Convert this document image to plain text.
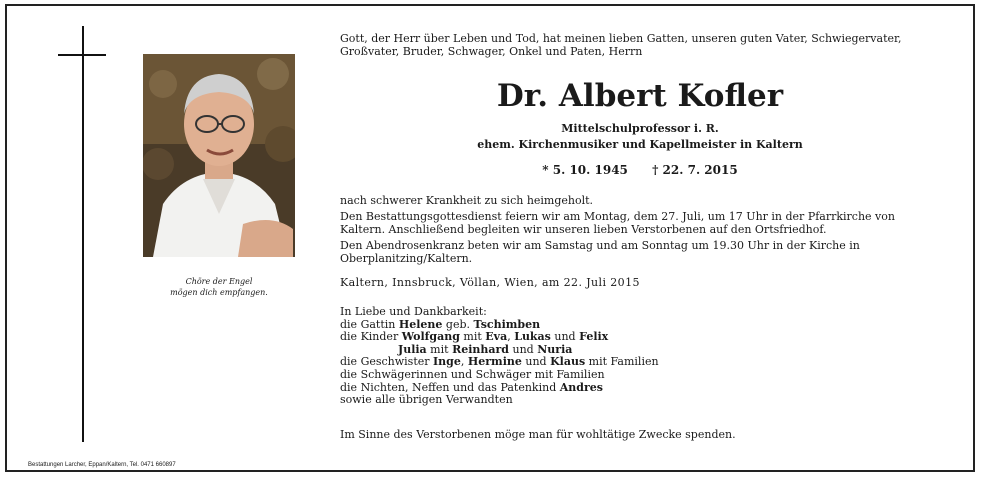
Chöre der Engel
mögen dich empfangen.
Gott, der Herr über Leben und Tod, hat meinen lieben Gatten, unseren guten Vater, Schwiegervater, Großvater, Bruder, Schwager, Onkel und Paten, Herrn
Dr. Albert Kofler
Mittelschulprofessor i. R.
ehem. Kirchenmusiker und Kapellmeister in Kaltern
* 5. 10. 1945 † 22. 7. 2015

nach schwerer Krankheit zu sich heimgeholt.

Den Bestattungsgottesdienst feiern wir am Montag, dem 27. Juli, um 17 Uhr in der Pfarrkirche von Kaltern. Anschließend begleiten wir unseren lieben Verstorbenen auf den Ortsfriedhof.

Den Abendrosenkranz beten wir am Samstag und am Sonntag um 19.30 Uhr in der Kirche in Oberplanitzing/Kaltern.

Kaltern, Innsbruck, Völlan, Wien, am 22. Juli 2015
In Liebe und Dankbarkeit:
die Gattin Helene geb. Tschimben
die Kinder Wolfgang mit Eva, Lukas und Felix
Julia mit Reinhard und Nuria
die Geschwister Inge, Hermine und Klaus mit Familien
die Schwägerinnen und Schwäger mit Familien
die Nichten, Neffen und das Patenkind Andres
sowie alle übrigen Verwandten
Im Sinne des Verstorbenen möge man für wohltätige Zwecke spenden.
Bestattungen Larcher, Eppan/Kaltern, Tel. 0471 660897
